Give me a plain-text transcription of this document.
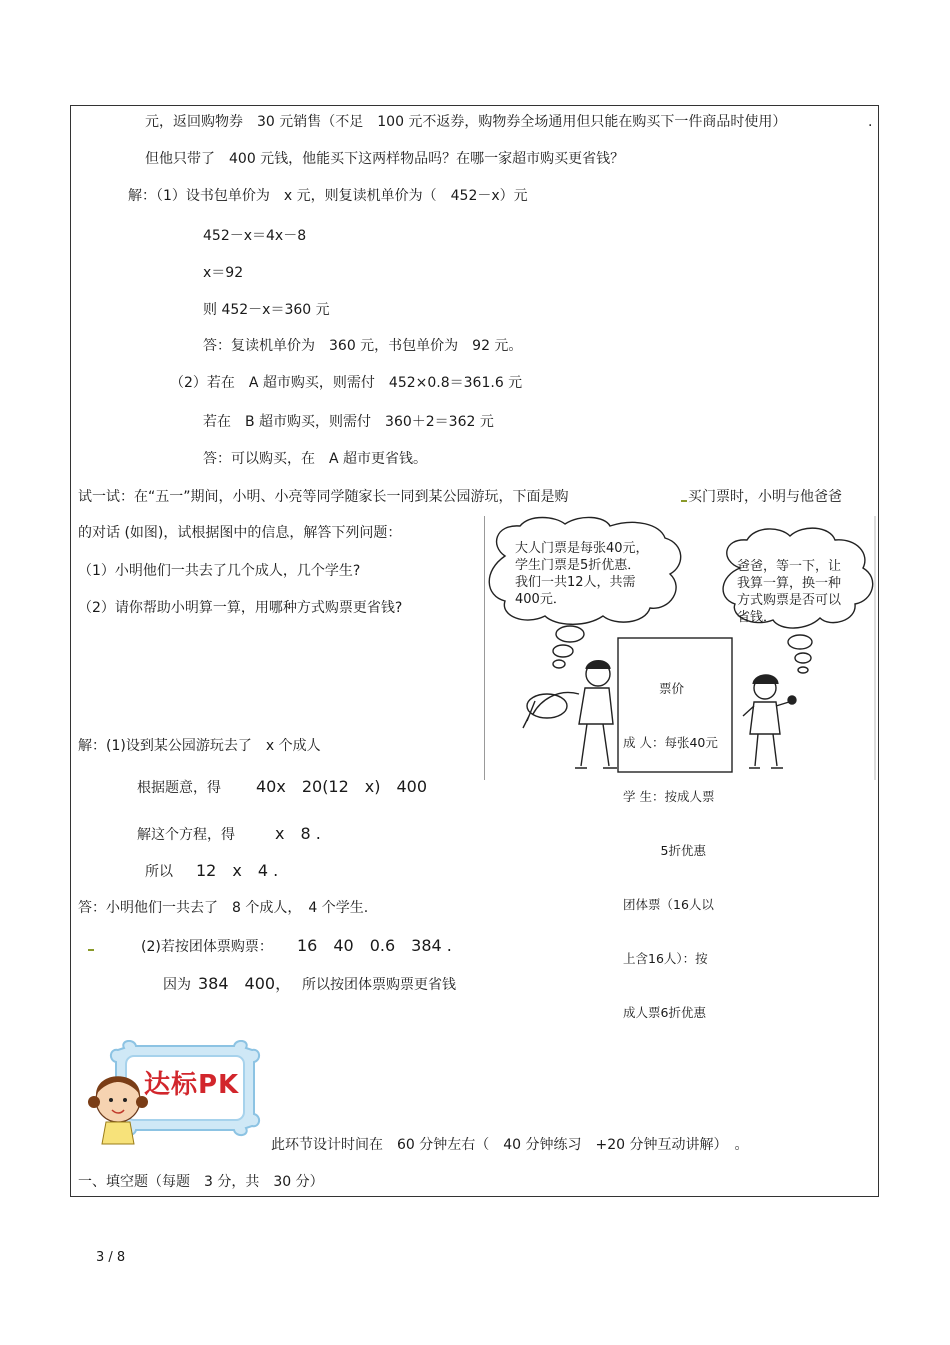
元，返回购物券　30 元销售（不足　100 元不返券，购物券全场通用但只能在购买下一件商品时使用）	.
但他只带了　400 元钱，他能买下这两样物品吗？在哪一家超市购买更省钱？
解：（1）设书包单价为　x 元，则复读机单价为（　452－x）元
452－x＝4x－8
x＝92
则 452－x＝360 元
答：复读机单价为　360 元，书包单价为　92 元。
（2）若在　A 超市购买，则需付　452×0.8＝361.6 元
若在　B 超市购买，则需付　360＋2＝362 元
答：可以购买，在　A 超市更省钱。
试一试：在“五一”期间，小明、小亮等同学随家长一同到某公园游玩，下面是购	买门票时，小明与他爸爸
的对话 (如图)，试根据图中的信息，解答下列问题：
（1）小明他们一共去了几个成人，几个学生?
（2）请你帮助小明算一算，用哪种方式购票更省钱?
大人门票是每张40元，
学生门票是5折优惠．
我们一共12人，共需
400元．
爸爸，等一下，让
我算一算，换一种
方式购票是否可以
省钱．

票价

成 人：每张40元

学 生：按成人票

　　　5折优惠

团体票（16人以

上含16人）：按

成人票6折优惠

解：(1)设到某公园游玩去了　x 个成人
根据题意，得 40x　20(12　x)　400
解这个方程，得	x　8 .
所以 12　x　4 .
答：小明他们一共去了　8 个成人，　4 个学生.
(2)若按团体票购票： 16　40　0.6　384 .
因为 384　400， 所以按团体票购票更省钱
达标PK
此环节设计时间在　60 分钟左右（　40 分钟练习　+20 分钟互动讲解）　。
一、填空题（每题　3 分，共　30 分）
3 / 8
